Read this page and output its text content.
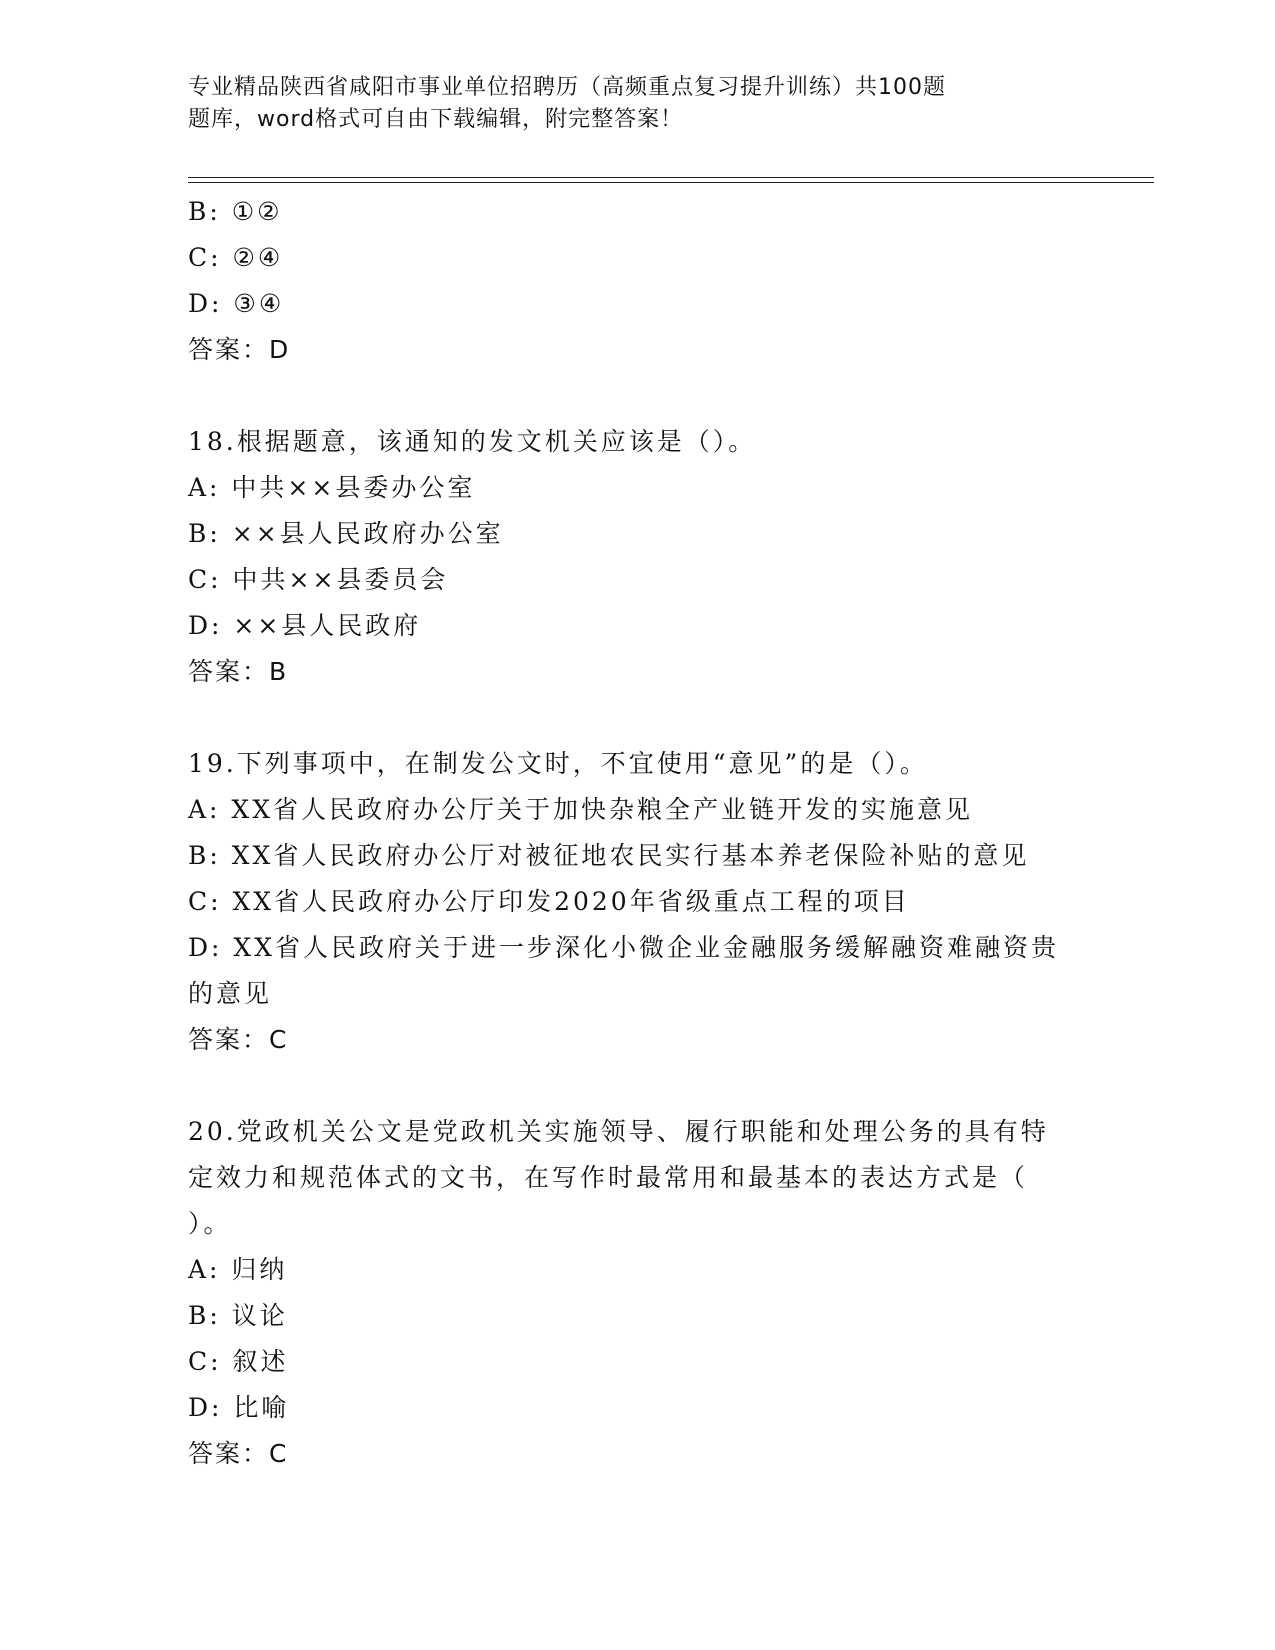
专业精品陕西省咸阳市事业单位招聘历（高频重点复习提升训练）共100题
题库，word格式可自由下载编辑，附完整答案！
B: ①②
C: ②④
D: ③④
答案：D
18.根据题意，该通知的发文机关应该是（）。
A: 中共××县委办公室
B: ××县人民政府办公室
C: 中共××县委员会
D: ××县人民政府
答案：B
19.下列事项中，在制发公文时，不宜使用“意见”的是（）。
A: XX省人民政府办公厅关于加快杂粮全产业链开发的实施意见
B: XX省人民政府办公厅对被征地农民实行基本养老保险补贴的意见
C: XX省人民政府办公厅印发2020年省级重点工程的项目
D: XX省人民政府关于进一步深化小微企业金融服务缓解融资难融资贵
的意见
答案：C
20.党政机关公文是党政机关实施领导、履行职能和处理公务的具有特
定效力和规范体式的文书，在写作时最常用和最基本的表达方式是（
）。
A: 归纳
B: 议论
C: 叙述
D: 比喻
答案：C
